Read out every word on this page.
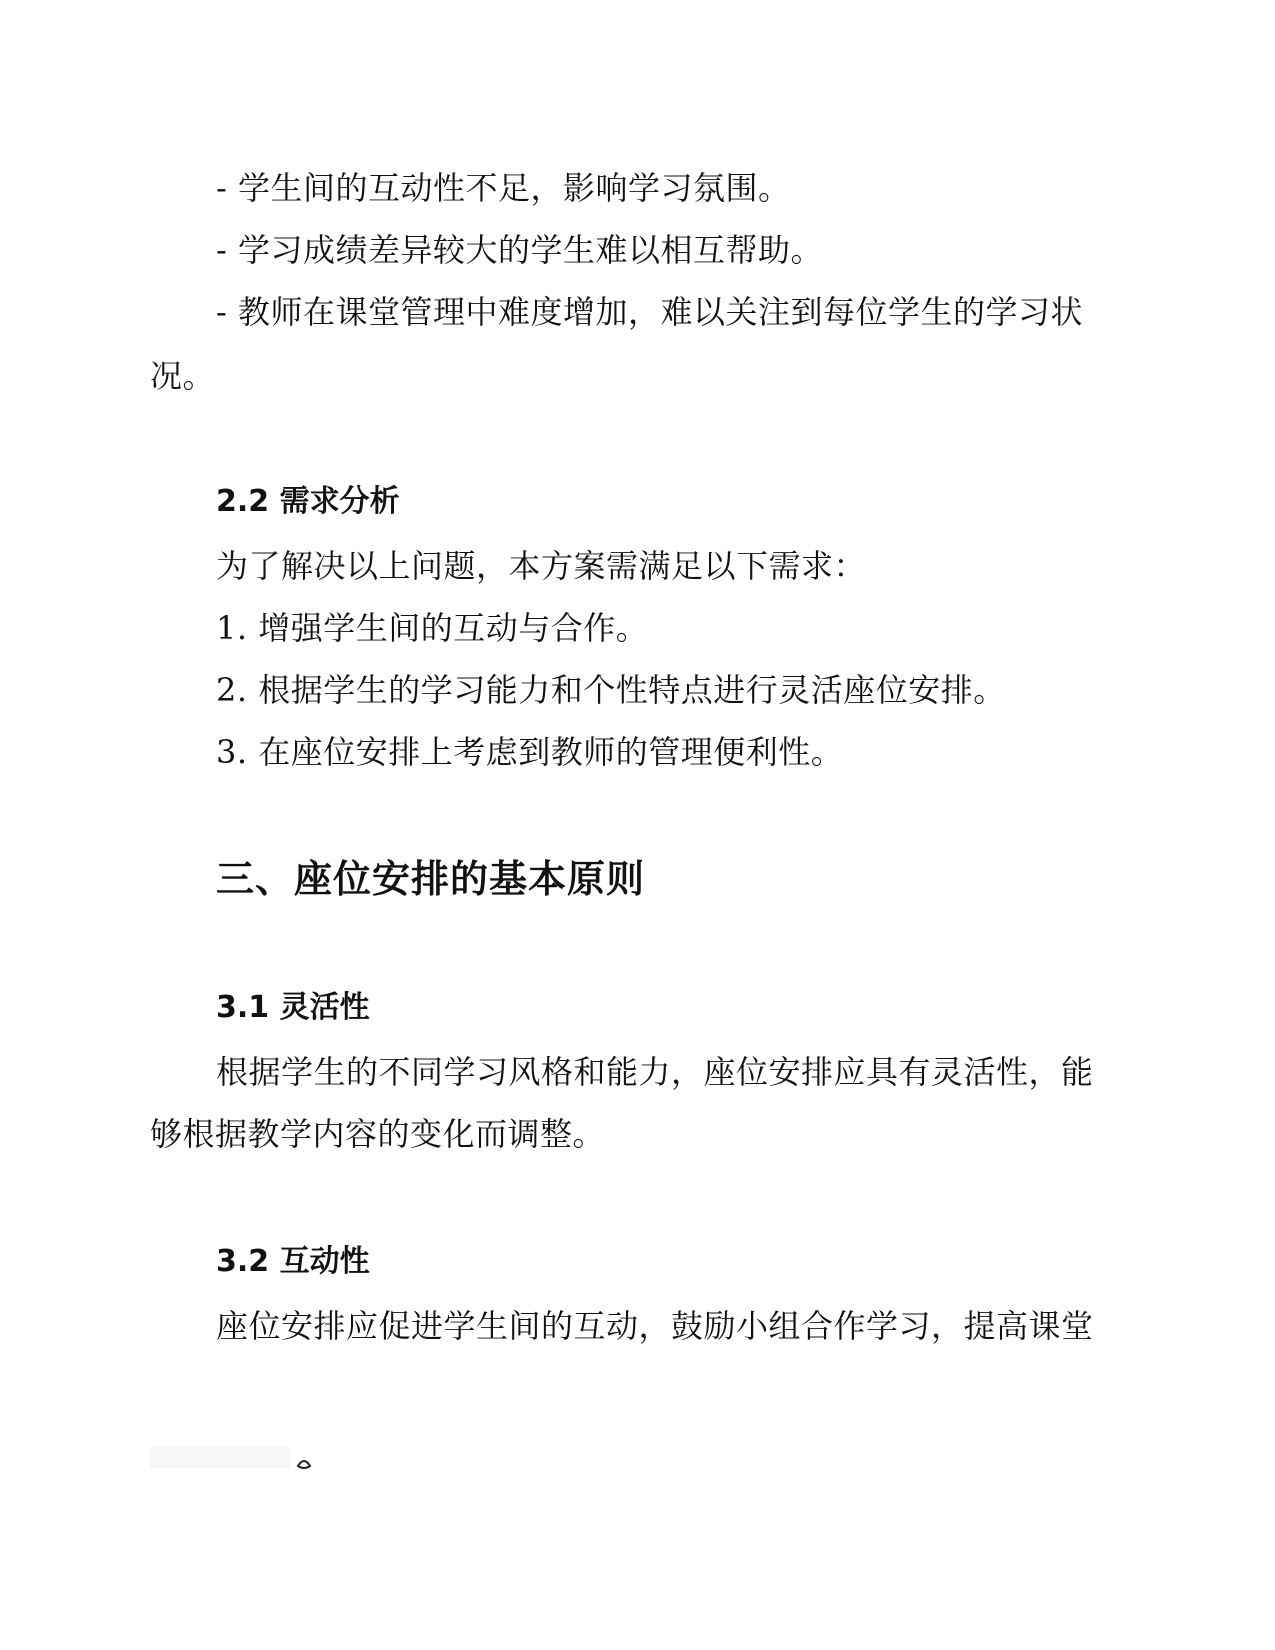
- 学生间的互动性不足，影响学习氛围。
- 学习成绩差异较大的学生难以相互帮助。
- 教师在课堂管理中难度增加，难以关注到每位学生的学习状
况。
2.2 需求分析
为了解决以上问题，本方案需满足以下需求：
1. 增强学生间的互动与合作。
2. 根据学生的学习能力和个性特点进行灵活座位安排。
3. 在座位安排上考虑到教师的管理便利性。
三、座位安排的基本原则
3.1 灵活性
根据学生的不同学习风格和能力，座位安排应具有灵活性，能
够根据教学内容的变化而调整。
3.2 互动性
座位安排应促进学生间的互动，鼓励小组合作学习，提高课堂
